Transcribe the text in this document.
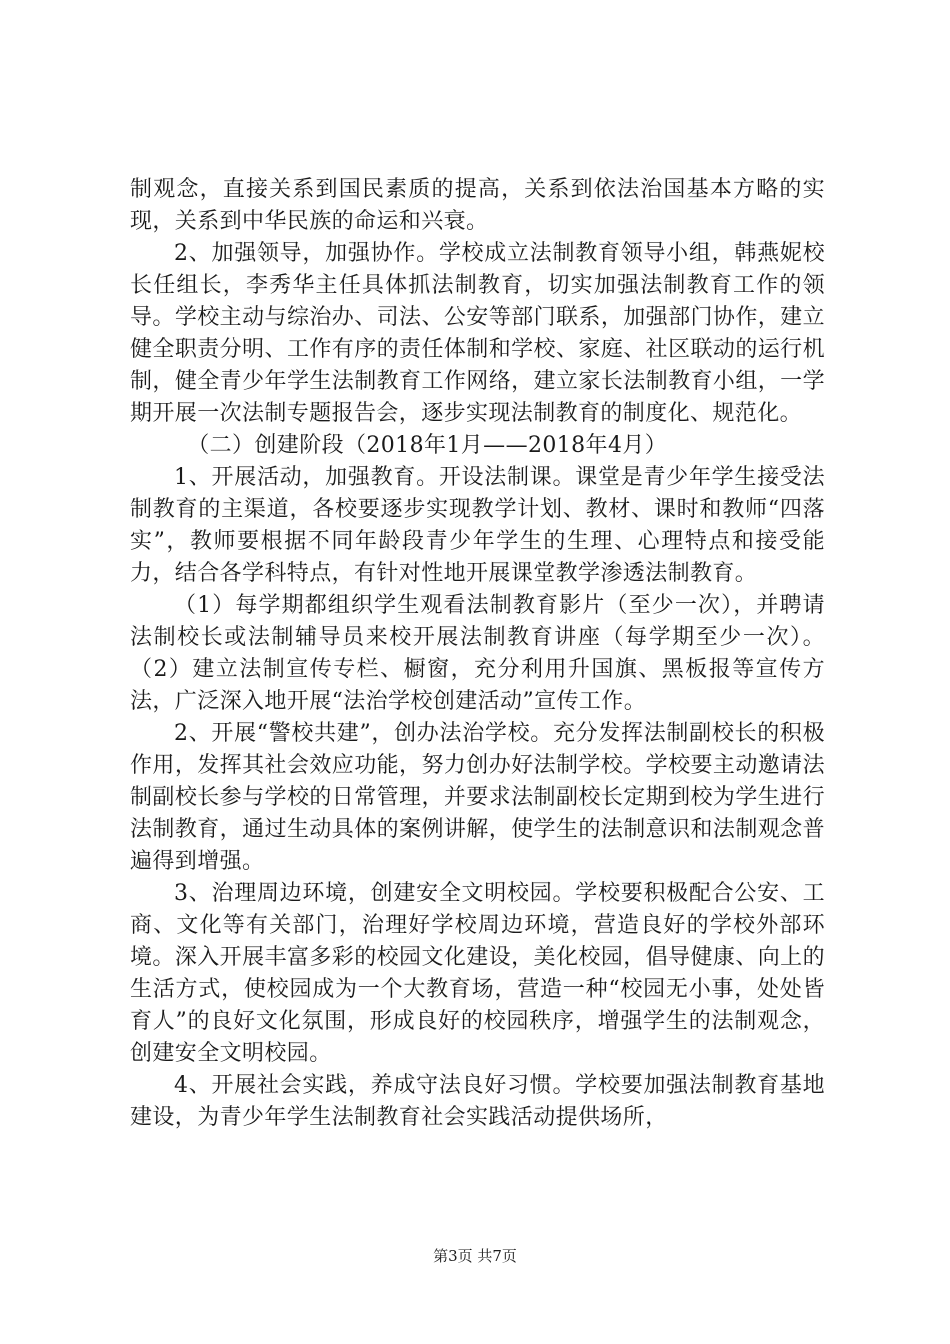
制观念，直接关系到国民素质的提高，关系到依法治国基本方略的实现，关系到中华民族的命运和兴衰。

2、加强领导，加强协作。学校成立法制教育领导小组，韩燕妮校长任组长，李秀华主任具体抓法制教育，切实加强法制教育工作的领导。学校主动与综治办、司法、公安等部门联系，加强部门协作，建立健全职责分明、工作有序的责任体制和学校、家庭、社区联动的运行机制，健全青少年学生法制教育工作网络，建立家长法制教育小组，一学期开展一次法制专题报告会，逐步实现法制教育的制度化、规范化。

（二）创建阶段（2018年1月——2018年4月）

1、开展活动，加强教育。开设法制课。课堂是青少年学生接受法制教育的主渠道，各校要逐步实现教学计划、教材、课时和教师“四落实”，教师要根据不同年龄段青少年学生的生理、心理特点和接受能力，结合各学科特点，有针对性地开展课堂教学渗透法制教育。

（1）每学期都组织学生观看法制教育影片（至少一次），并聘请法制校长或法制辅导员来校开展法制教育讲座（每学期至少一次）。（2）建立法制宣传专栏、橱窗，充分利用升国旗、黑板报等宣传方法，广泛深入地开展“法治学校创建活动”宣传工作。

2、开展“警校共建”，创办法治学校。充分发挥法制副校长的积极作用，发挥其社会效应功能，努力创办好法制学校。学校要主动邀请法制副校长参与学校的日常管理，并要求法制副校长定期到校为学生进行法制教育，通过生动具体的案例讲解，使学生的法制意识和法制观念普遍得到增强。

3、治理周边环境，创建安全文明校园。学校要积极配合公安、工商、文化等有关部门，治理好学校周边环境，营造良好的学校外部环境。深入开展丰富多彩的校园文化建设，美化校园，倡导健康、向上的生活方式，使校园成为一个大教育场，营造一种“校园无小事，处处皆育人”的良好文化氛围，形成良好的校园秩序，增强学生的法制观念，创建安全文明校园。

4、开展社会实践，养成守法良好习惯。学校要加强法制教育基地建设，为青少年学生法制教育社会实践活动提供场所，

第3页 共7页
